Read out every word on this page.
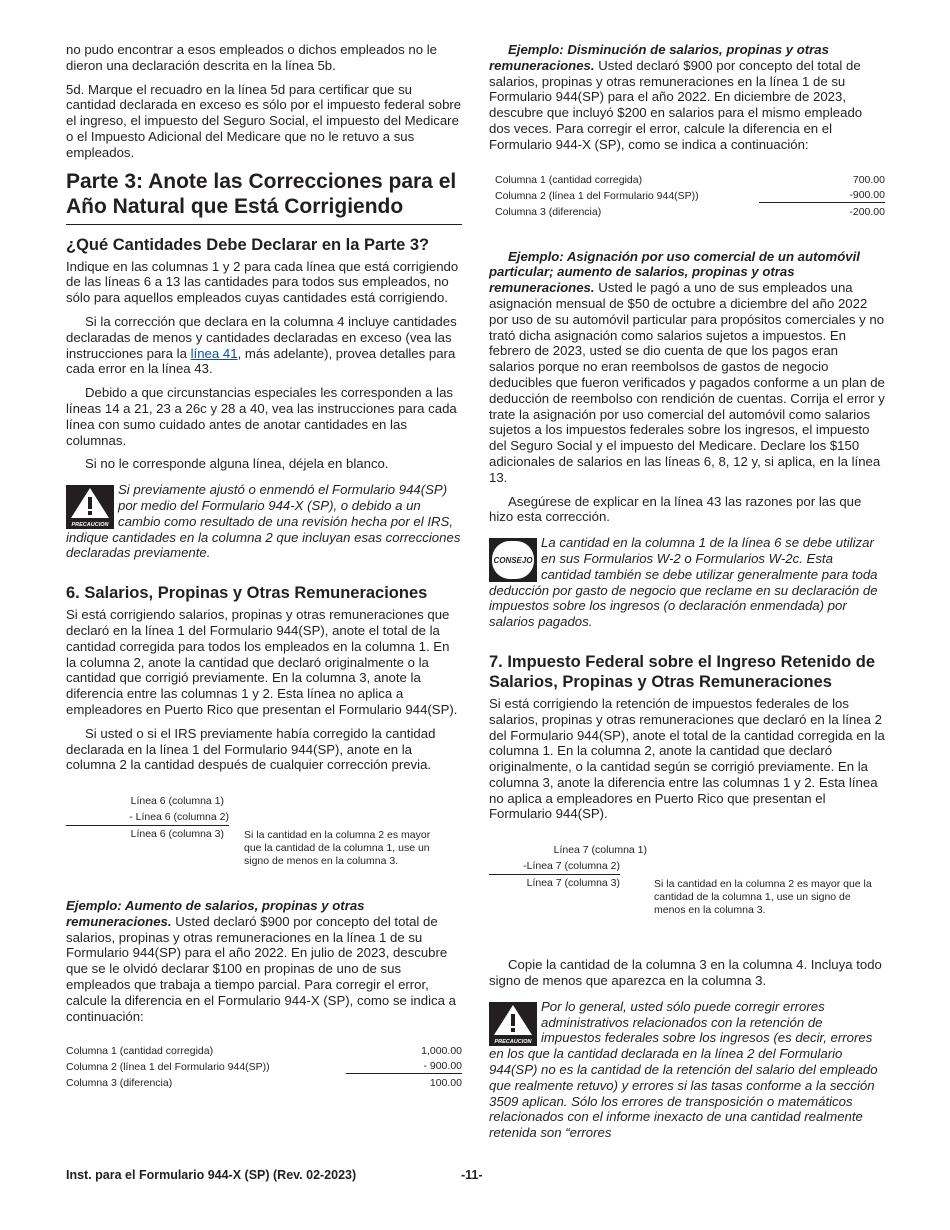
no pudo encontrar a esos empleados o dichos empleados no le dieron una declaración descrita en la línea 5b.

5d. Marque el recuadro en la línea 5d para certificar que su cantidad declarada en exceso es sólo por el impuesto federal sobre el ingreso, el impuesto del Seguro Social, el impuesto del Medicare o el Impuesto Adicional del Medicare que no le retuvo a sus empleados.

Parte 3: Anote las Correcciones para el Año Natural que Está Corrigiendo
¿Qué Cantidades Debe Declarar en la Parte 3?

Indique en las columnas 1 y 2 para cada línea que está corrigiendo de las líneas 6 a 13 las cantidades para todos sus empleados, no sólo para aquellos empleados cuyas cantidades está corrigiendo.

Si la corrección que declara en la columna 4 incluye cantidades declaradas de menos y cantidades declaradas en exceso (vea las instrucciones para la línea 41, más adelante), provea detalles para cada error en la línea 43.

Debido a que circunstancias especiales les corresponden a las líneas 14 a 21, 23 a 26c y 28 a 40, vea las instrucciones para cada línea con sumo cuidado antes de anotar cantidades en las columnas.

Si no le corresponde alguna línea, déjela en blanco.

PRECAUCION
Si previamente ajustó o enmendó el Formulario 944(SP) por medio del Formulario 944-X (SP), o debido a un cambio como resultado de una revisión hecha por el IRS, indique cantidades en la columna 2 que incluyan esas correcciones declaradas previamente.
6. Salarios, Propinas y Otras Remuneraciones

Si está corrigiendo salarios, propinas y otras remuneraciones que declaró en la línea 1 del Formulario 944(SP), anote el total de la cantidad corregida para todos los empleados en la columna 1. En la columna 2, anote la cantidad que declaró originalmente o la cantidad que corrigió previamente. En la columna 3, anote la diferencia entre las columnas 1 y 2. Esta línea no aplica a empleadores en Puerto Rico que presentan el Formulario 944(SP).

Si usted o si el IRS previamente había corregido la cantidad declarada en la línea 1 del Formulario 944(SP), anote en la columna 2 la cantidad después de cualquier corrección previa.

Línea 6 (columna 1)
- Línea 6 (columna 2)
Línea 6 (columna 3) Si la cantidad en la columna 2 es mayor que la cantidad de la columna 1, use un signo de menos en la columna 3.

Ejemplo: Aumento de salarios, propinas y otras remuneraciones. Usted declaró $900 por concepto del total de salarios, propinas y otras remuneraciones en la línea 1 de su Formulario 944(SP) para el año 2022. En julio de 2023, descubre que se le olvidó declarar $100 en propinas de uno de sus empleados que trabaja a tiempo parcial. Para corregir el error, calcule la diferencia en el Formulario 944-X (SP), como se indica a continuación:

Columna 1 (cantidad corregida)	1,000.00
Columna 2 (línea 1 del Formulario 944(SP))	- 900.00
Columna 3 (diferencia)	100.00

Ejemplo: Disminución de salarios, propinas y otras remuneraciones. Usted declaró $900 por concepto del total de salarios, propinas y otras remuneraciones en la línea 1 de su Formulario 944(SP) para el año 2022. En diciembre de 2023, descubre que incluyó $200 en salarios para el mismo empleado dos veces. Para corregir el error, calcule la diferencia en el Formulario 944-X (SP), como se indica a continuación:

Columna 1 (cantidad corregida)	700.00
Columna 2 (línea 1 del Formulario 944(SP))	-900.00
Columna 3 (diferencia)	-200.00

Ejemplo: Asignación por uso comercial de un automóvil particular; aumento de salarios, propinas y otras remuneraciones. Usted le pagó a uno de sus empleados una asignación mensual de $50 de octubre a diciembre del año 2022 por uso de su automóvil particular para propósitos comerciales y no trató dicha asignación como salarios sujetos a impuestos. En febrero de 2023, usted se dio cuenta de que los pagos eran salarios porque no eran reembolsos de gastos de negocio deducibles que fueron verificados y pagados conforme a un plan de deducción de reembolso con rendición de cuentas. Corrija el error y trate la asignación por uso comercial del automóvil como salarios sujetos a los impuestos federales sobre los ingresos, el impuesto del Seguro Social y el impuesto del Medicare. Declare los $150 adicionales de salarios en las líneas 6, 8, 12 y, si aplica, en la línea 13.

Asegúrese de explicar en la línea 43 las razones por las que hizo esta corrección.

CONSEJO
La cantidad en la columna 1 de la línea 6 se debe utilizar en sus Formularios W-2 o Formularios W-2c. Esta cantidad también se debe utilizar generalmente para toda deducción por gasto de negocio que reclame en su declaración de impuestos sobre los ingresos (o declaración enmendada) por salarios pagados.
7. Impuesto Federal sobre el Ingreso Retenido de Salarios, Propinas y Otras Remuneraciones

Si está corrigiendo la retención de impuestos federales de los salarios, propinas y otras remuneraciones que declaró en la línea 2 del Formulario 944(SP), anote el total de la cantidad corregida en la columna 1. En la columna 2, anote la cantidad que declaró originalmente, o la cantidad según se corrigió previamente. En la columna 3, anote la diferencia entre las columnas 1 y 2. Esta línea no aplica a empleadores en Puerto Rico que presentan el Formulario 944(SP).

Línea 7 (columna 1)
-Línea 7 (columna 2)
Línea 7 (columna 3)	Si la cantidad en la columna 2 es mayor que la cantidad de la columna 1, use un signo de menos en la columna 3.

Copie la cantidad de la columna 3 en la columna 4. Incluya todo signo de menos que aparezca en la columna 3.

PRECAUCION
Por lo general, usted sólo puede corregir errores administrativos relacionados con la retención de impuestos federales sobre los ingresos (es decir, errores en los que la cantidad declarada en la línea 2 del Formulario 944(SP) no es la cantidad de la retención del salario del empleado que realmente retuvo) y errores si las tasas conforme a la sección 3509 aplican. Sólo los errores de transposición o matemáticos relacionados con el informe inexacto de una cantidad realmente retenida son “errores
Inst. para el Formulario 944-X (SP) (Rev. 02-2023)	-11-
